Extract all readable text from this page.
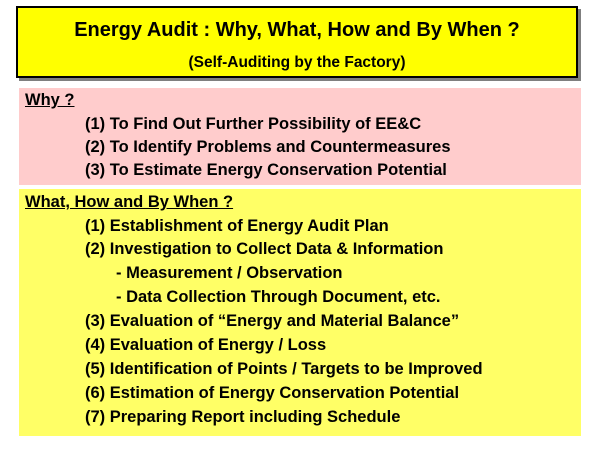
Energy Audit : Why, What, How and By When ?
(Self-Auditing by the Factory)
Why ?
(1) To Find Out Further Possibility of EE&C
(2) To Identify Problems and Countermeasures
(3) To Estimate Energy Conservation Potential
What, How and By When ?
(1) Establishment of Energy Audit Plan
(2) Investigation to Collect Data & Information
- Measurement / Observation
- Data Collection Through Document, etc.
(3) Evaluation of “Energy and Material Balance”
(4) Evaluation of Energy / Loss
(5) Identification of Points / Targets to be Improved
(6) Estimation of Energy Conservation Potential
(7) Preparing Report including Schedule
